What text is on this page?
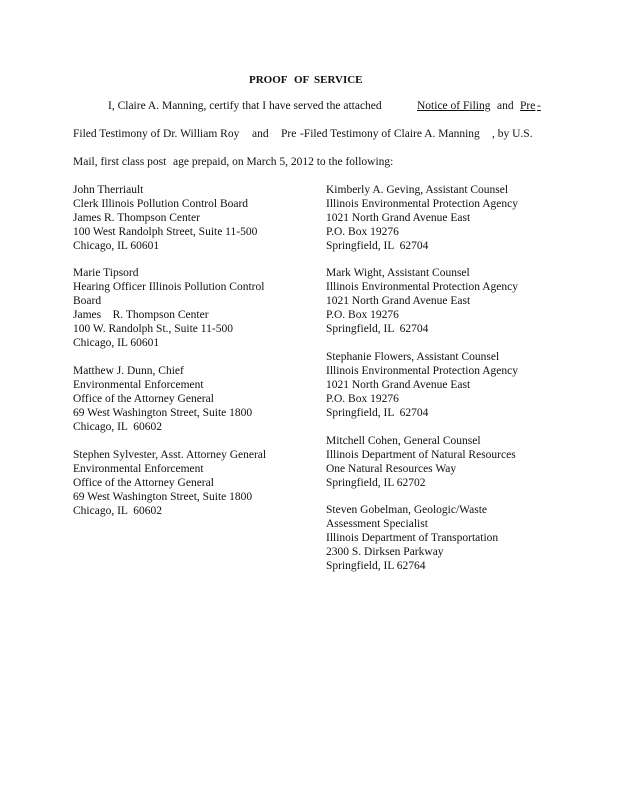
PROOF OF SERVICE
I, Claire A. Manning, certify that I have served the attached	Notice of Filing and Pre -
Filed Testimony of Dr. William Roy and Pre -Filed Testimony of Claire A. Manning , by U.S.
Mail, first class post age prepaid, on March 5, 2012 to the following:
John Therriault
Clerk Illinois Pollution Control Board
James R. Thompson Center
100 West Randolph Street, Suite 11-500
Chicago, IL 60601
Marie Tipsord
Hearing Officer Illinois Pollution Control
Board
James    R. Thompson Center
100 W. Randolph St., Suite 11-500
Chicago, IL 60601
Matthew J. Dunn, Chief
Environmental Enforcement
Office of the Attorney General
69 West Washington Street, Suite 1800
Chicago, IL  60602
Stephen Sylvester, Asst. Attorney General
Environmental Enforcement
Office of the Attorney General
69 West Washington Street, Suite 1800
Chicago, IL  60602
Kimberly A. Geving, Assistant Counsel
Illinois Environmental Protection Agency
1021 North Grand Avenue East
P.O. Box 19276
Springfield, IL  62704
Mark Wight, Assistant Counsel
Illinois Environmental Protection Agency
1021 North Grand Avenue East
P.O. Box 19276
Springfield, IL  62704
Stephanie Flowers, Assistant Counsel
Illinois Environmental Protection Agency
1021 North Grand Avenue East
P.O. Box 19276
Springfield, IL  62704
Mitchell Cohen, General Counsel
Illinois Department of Natural Resources
One Natural Resources Way
Springfield, IL 62702
Steven Gobelman, Geologic/Waste
Assessment Specialist
Illinois Department of Transportation
2300 S. Dirksen Parkway
Springfield, IL 62764
